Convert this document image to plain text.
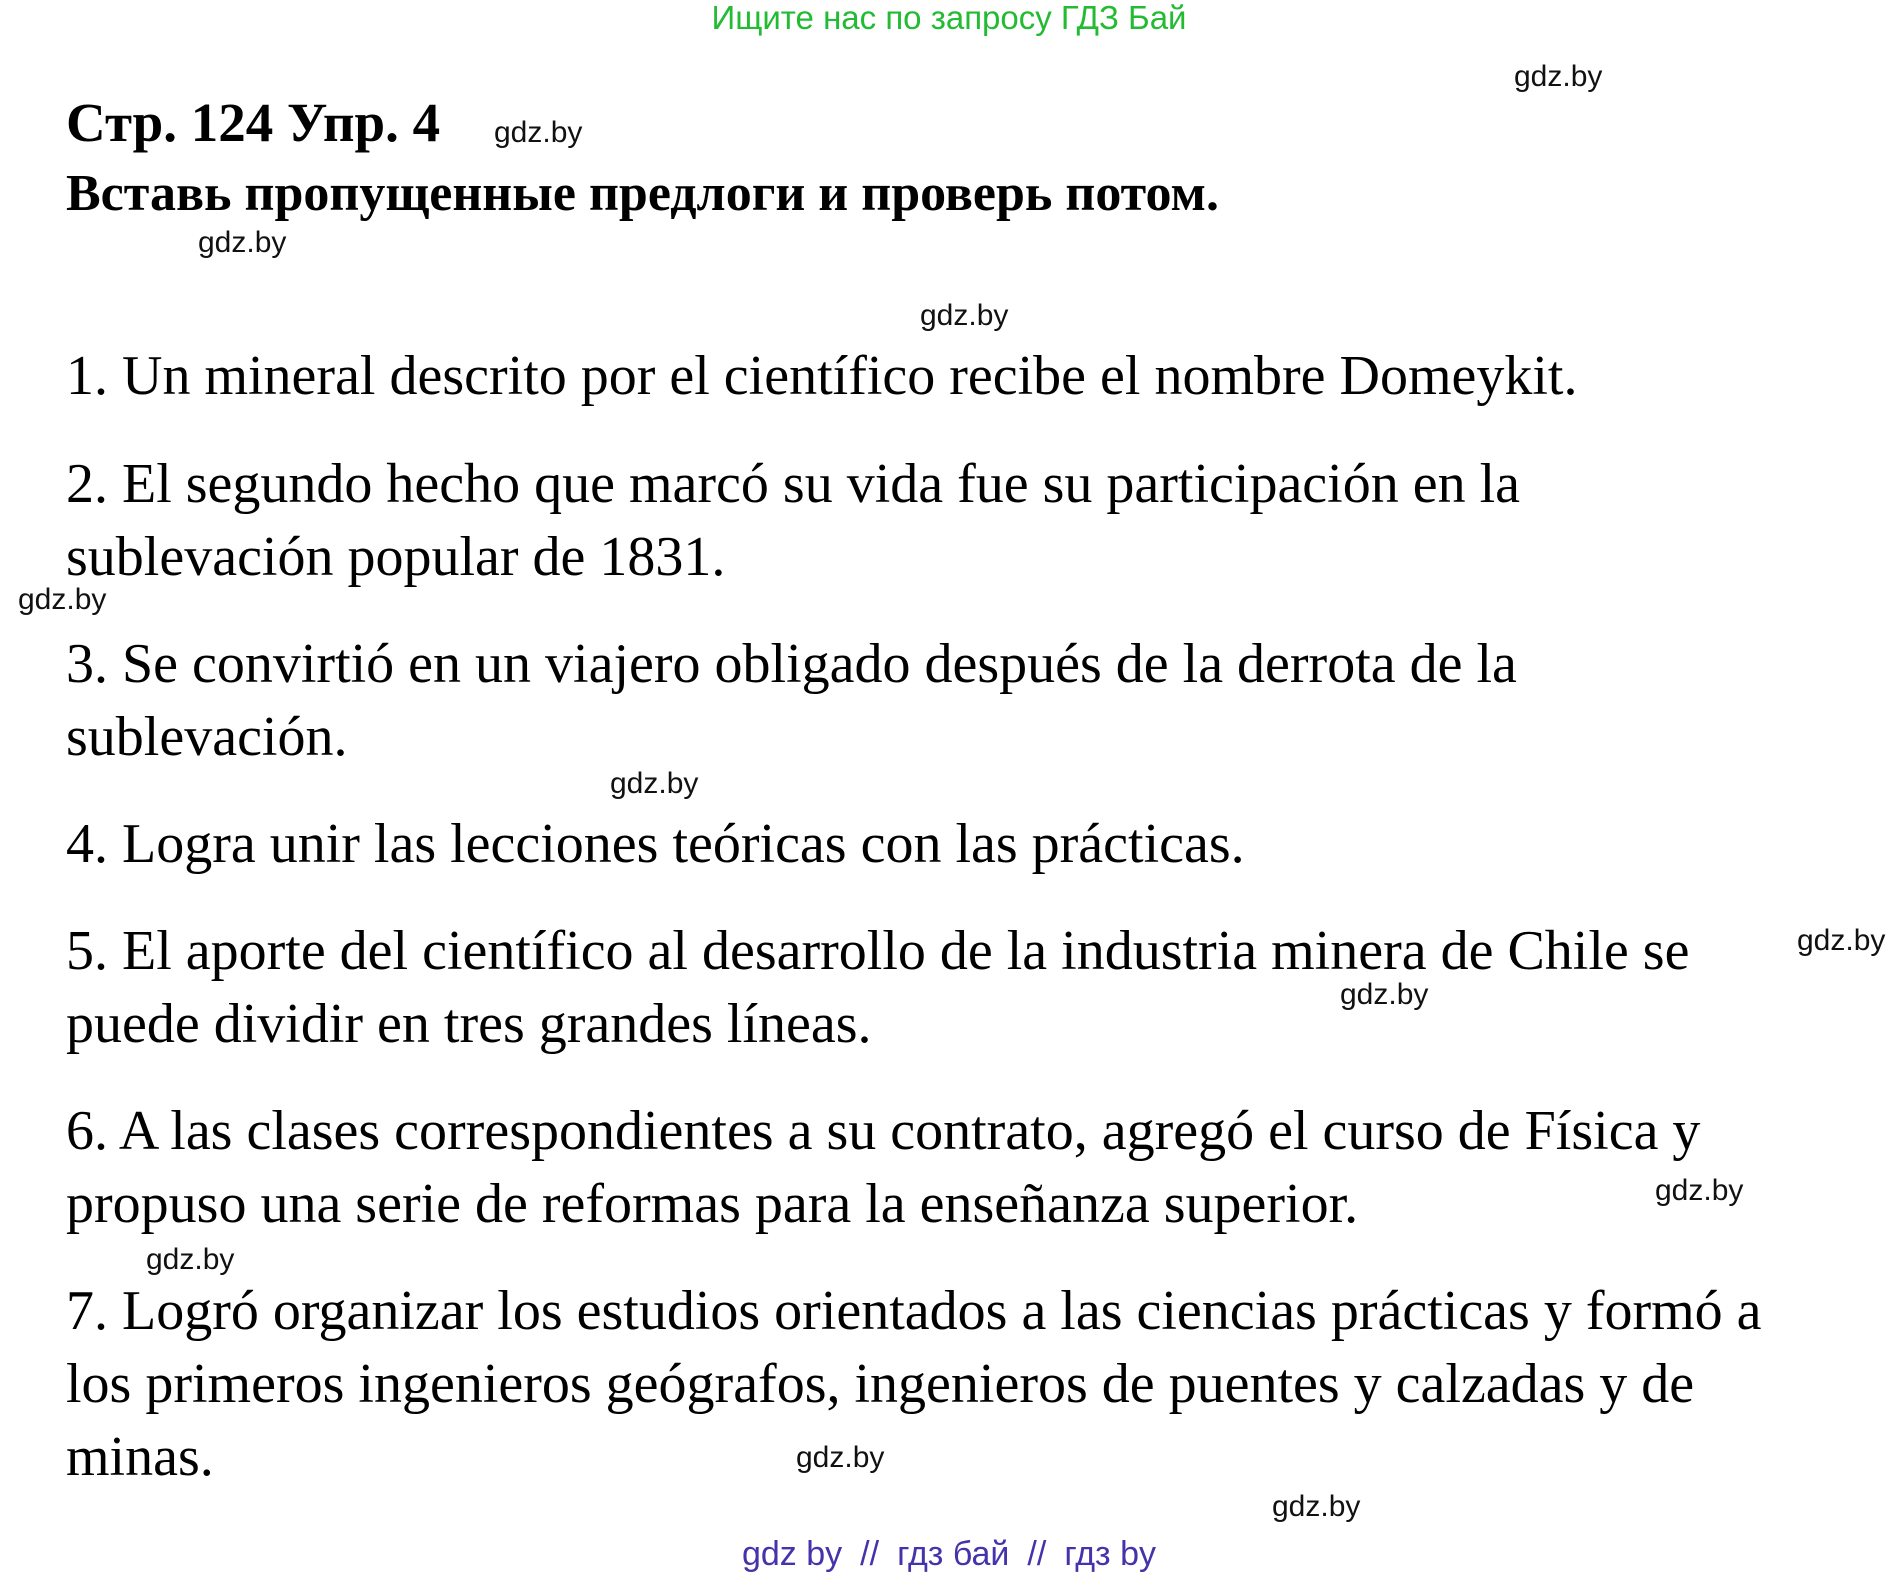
Ищите нас по запросу ГДЗ Бай
Стр. 124 Упр. 4
Вставь пропущенные предлоги и проверь потом.
1. Un mineral descrito por el científico recibe el nombre Domeykit.
2. El segundo hecho que marcó su vida fue su participación en la
sublevación popular de 1831.
3. Se convirtió en un viajero obligado después de la derrota de la
sublevación.
4. Logra unir las lecciones teóricas con las prácticas.
5. El aporte del científico al desarrollo de la industria minera de Chile se
puede dividir en tres grandes líneas.
6. A las clases correspondientes a su contrato, agregó el curso de Física y
propuso una serie de reformas para la enseñanza superior.
7. Logró organizar los estudios orientados a las ciencias prácticas y formó a
los primeros ingenieros geógrafos, ingenieros de puentes y calzadas y de
minas.
gdz.by
gdz.by
gdz.by
gdz.by
gdz.by
gdz.by
gdz.by
gdz.by
gdz.by
gdz.by
gdz.by
gdz.by
gdz by // гдз бай // гдз by
